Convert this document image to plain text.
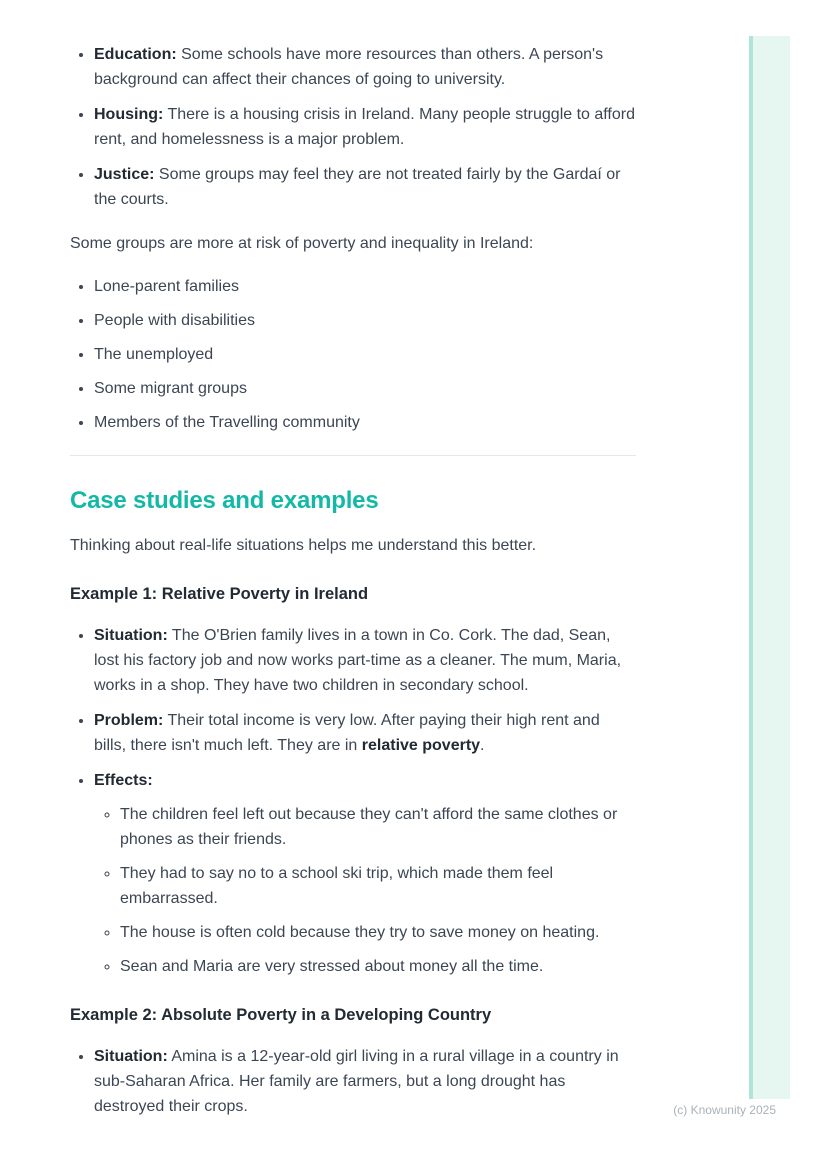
• Education: Some schools have more resources than others. A person's background can affect their chances of going to university.
• Housing: There is a housing crisis in Ireland. Many people struggle to afford rent, and homelessness is a major problem.
• Justice: Some groups may feel they are not treated fairly by the Gardaí or the courts.

Some groups are more at risk of poverty and inequality in Ireland:

• Lone-parent families
• People with disabilities
• The unemployed
• Some migrant groups
• Members of the Travelling community
Case studies and examples

Thinking about real-life situations helps me understand this better.

Example 1: Relative Poverty in Ireland
• Situation: The O'Brien family lives in a town in Co. Cork. The dad, Sean, lost his factory job and now works part-time as a cleaner. The mum, Maria, works in a shop. They have two children in secondary school.
• Problem: Their total income is very low. After paying their high rent and bills, there isn't much left. They are in relative poverty.
• Effects:
◦ The children feel left out because they can't afford the same clothes or phones as their friends.
◦ They had to say no to a school ski trip, which made them feel embarrassed.
◦ The house is often cold because they try to save money on heating.
◦ Sean and Maria are very stressed about money all the time.
Example 2: Absolute Poverty in a Developing Country
• Situation: Amina is a 12-year-old girl living in a rural village in a country in sub-Saharan Africa. Her family are farmers, but a long drought has destroyed their crops.	(c) Knowunity 2025
